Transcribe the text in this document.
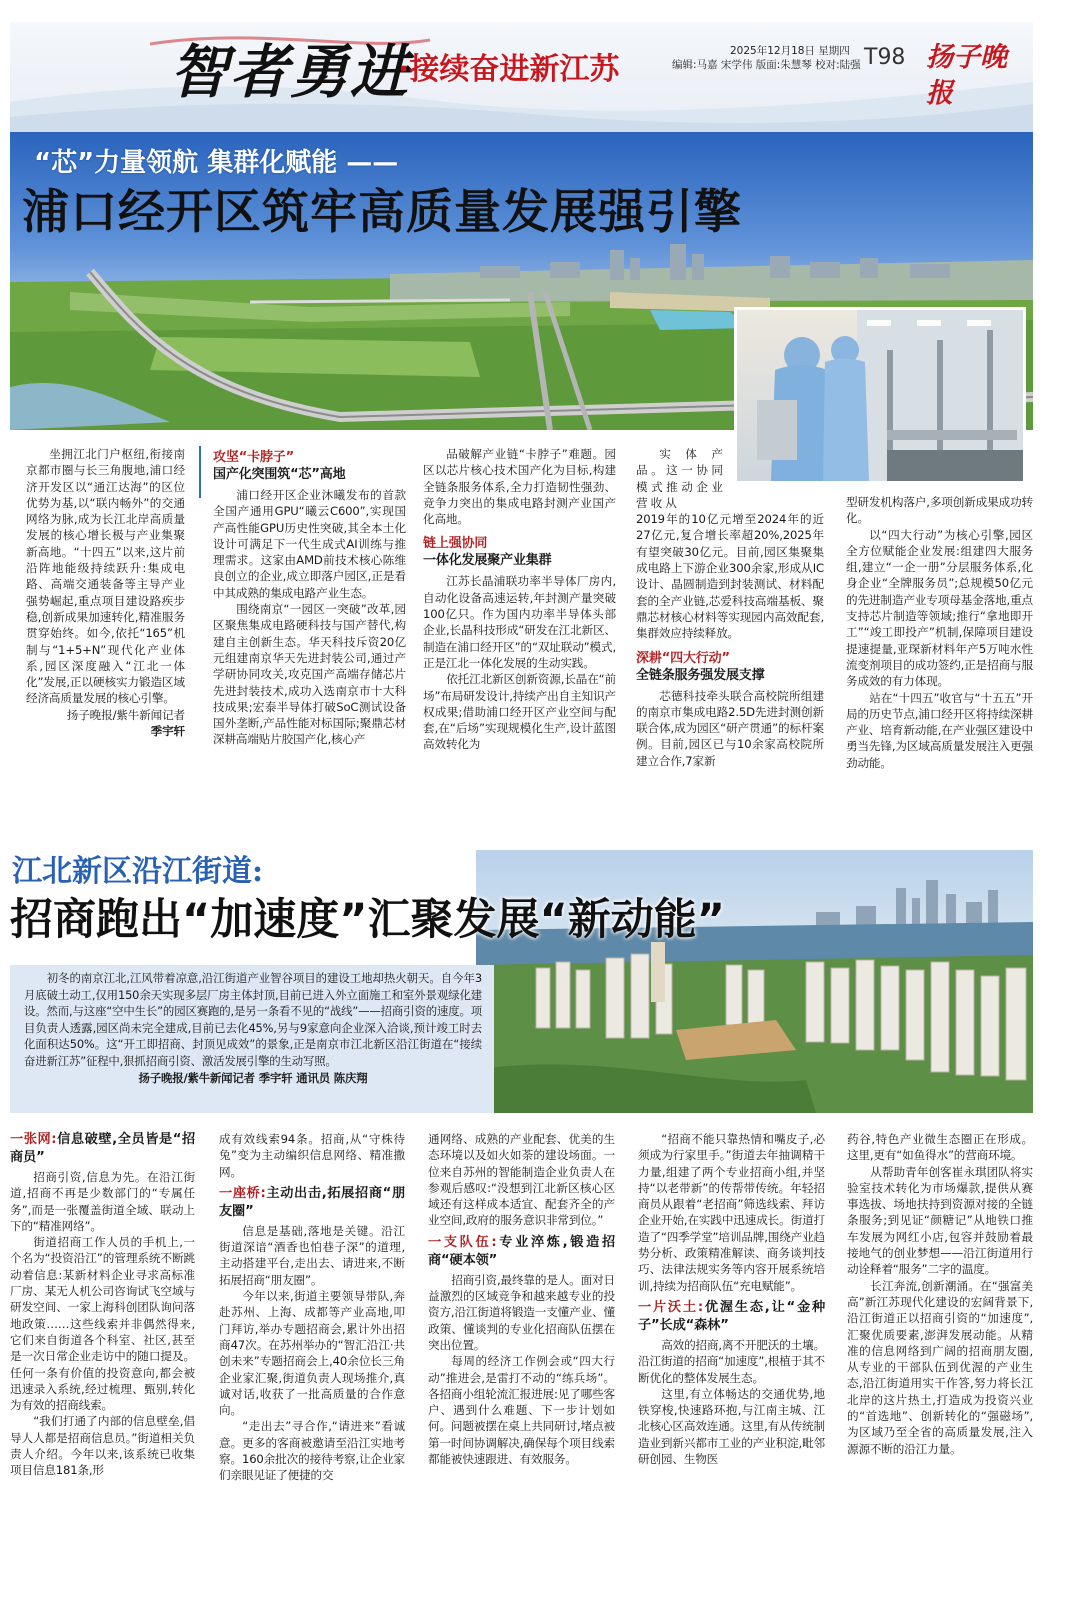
智者勇进
·接续奋进新江苏
2025年12月18日 星期四
编辑:马嘉 宋学伟 版面:朱慧琴 校对:陆强 T98 扬子晚报
“芯”力量领航 集群化赋能 ——
浦口经开区筑牢高质量发展强引擎

坐拥江北门户枢纽,衔接南京都市圈与长三角腹地,浦口经济开发区以“通江达海”的区位优势为基,以“联内畅外”的交通网络为脉,成为长江北岸高质量发展的核心增长极与产业集聚新高地。“十四五”以来,这片前沿阵地能级持续跃升:集成电路、高端交通装备等主导产业强势崛起,重点项目建设路疾步稳,创新成果加速转化,精准服务贯穿始终。如今,依托“165”机制与“1+5+N”现代化产业体系,园区深度融入“江北一体化”发展,正以硬核实力锻造区域经济高质量发展的核心引擎。

扬子晚报/紫牛新闻记者

季宇轩

攻坚“卡脖子”
国产化突围筑“芯”高地

浦口经开区企业沐曦发布的首款全国产通用GPU“曦云C600”,实现国产高性能GPU历史性突破,其全本土化设计可满足下一代生成式AI训练与推理需求。这家由AMD前技术核心陈维良创立的企业,成立即落户园区,正是看中其成熟的集成电路产业生态。

围绕南京“一园区一突破”改革,园区聚焦集成电路硬科技与国产替代,构建自主创新生态。华天科技斥资20亿元组建南京华天先进封装公司,通过产学研协同攻关,攻克国产高端存储芯片先进封装技术,成功入选南京市十大科技成果;宏泰半导体打破SoC测试设备国外垄断,产品性能对标国际;聚鼎芯材深耕高端贴片胶国产化,核心产

品破解产业链“卡脖子”难题。园区以芯片核心技术国产化为目标,构建全链条服务体系,全力打造韧性强劲、竞争力突出的集成电路封测产业国产化高地。

链上强协同
一体化发展聚产业集群

江苏长晶浦联功率半导体厂房内,自动化设备高速运转,年封测产量突破100亿只。作为国内功率半导体头部企业,长晶科技形成“研发在江北新区、制造在浦口经开区”的“双址联动”模式,正是江北一体化发展的生动实践。

依托江北新区创新资源,长晶在“前场”布局研发设计,持续产出自主知识产权成果;借助浦口经开区产业空间与配套,在“后场”实现规模化生产,设计蓝图高效转化为

实体产品。这一协同模式推动企业营收从

2019年的10亿元增至2024年的近27亿元,复合增长率超20%,2025年有望突破30亿元。目前,园区集聚集成电路上下游企业300余家,形成从IC设计、晶圆制造到封装测试、材料配套的全产业链,芯爱科技高端基板、聚鼎芯材核心材料等实现园内高效配套,集群效应持续释放。

深耕“四大行动”
全链条服务强发展支撑

芯德科技牵头联合高校院所组建的南京市集成电路2.5D先进封测创新联合体,成为园区“研产贯通”的标杆案例。目前,园区已与10余家高校院所建立合作,7家新

型研发机构落户,多项创新成果成功转化。

以“四大行动”为核心引擎,园区全方位赋能企业发展:组建四大服务组,建立“一企一册”分层服务体系,化身企业“全牌服务员”;总规模50亿元的先进制造产业专项母基金落地,重点支持芯片制造等领域;推行“拿地即开工”“竣工即投产”机制,保障项目建设提速提量,亚琛新材料年产5万吨水性流变剂项目的成功签约,正是招商与服务成效的有力体现。

站在“十四五”收官与“十五五”开局的历史节点,浦口经开区将持续深耕产业、培育新动能,在产业强区建设中勇当先锋,为区域高质量发展注入更强劲动能。

江北新区沿江街道:
招商跑出“加速度”汇聚发展“新动能”

初冬的南京江北,江风带着凉意,沿江街道产业智谷项目的建设工地却热火朝天。自今年3月底破土动工,仅用150余天实现多层厂房主体封顶,目前已进入外立面施工和室外景观绿化建设。然而,与这座“空中生长”的园区赛跑的,是另一条看不见的“战线”——招商引资的速度。项目负责人透露,园区尚未完全建成,目前已去化45%,另与9家意向企业深入洽谈,预计竣工时去化面积达50%。这“开工即招商、封顶见成效”的景象,正是南京市江北新区沿江街道在“接续奋进新江苏”征程中,狠抓招商引资、激活发展引擎的生动写照。

扬子晚报/紫牛新闻记者 季宇轩 通讯员 陈庆翔

一张网:信息破壁,全员皆是“招商员”

招商引资,信息为先。在沿江街道,招商不再是少数部门的“专属任务”,而是一张覆盖街道全域、联动上下的“精准网络”。

街道招商工作人员的手机上,一个名为“投资沿江”的管理系统不断跳动着信息:某新材料企业寻求高标准厂房、某无人机公司咨询试飞空域与研发空间、一家上海科创团队询问落地政策……这些线索并非偶然得来,它们来自街道各个科室、社区,甚至是一次日常企业走访中的随口提及。任何一条有价值的投资意向,都会被迅速录入系统,经过梳理、甄别,转化为有效的招商线索。

“我们打通了内部的信息壁垒,倡导人人都是招商信息员。”街道相关负责人介绍。今年以来,该系统已收集项目信息181条,形

成有效线索94条。招商,从“守株待兔”变为主动编织信息网络、精准撒网。

一座桥:主动出击,拓展招商“朋友圈”

信息是基础,落地是关键。沿江街道深谙“酒香也怕巷子深”的道理,主动搭建平台,走出去、请进来,不断拓展招商“朋友圈”。

今年以来,街道主要领导带队,奔赴苏州、上海、成都等产业高地,叩门拜访,举办专题招商会,累计外出招商47次。在苏州举办的“智汇沿江·共创未来”专题招商会上,40余位长三角企业家汇聚,街道负责人现场推介,真诚对话,收获了一批高质量的合作意向。

“走出去”寻合作,“请进来”看诚意。更多的客商被邀请至沿江实地考察。160余批次的接待考察,让企业家们亲眼见证了便捷的交

通网络、成熟的产业配套、优美的生态环境以及如火如荼的建设场面。一位来自苏州的智能制造企业负责人在参观后感叹:“没想到江北新区核心区域还有这样成本适宜、配套齐全的产业空间,政府的服务意识非常到位。”

一支队伍:专业淬炼,锻造招商“硬本领”

招商引资,最终靠的是人。面对日益激烈的区域竞争和越来越专业的投资方,沿江街道将锻造一支懂产业、懂政策、懂谈判的专业化招商队伍摆在突出位置。

每周的经济工作例会或“四大行动”推进会,是雷打不动的“练兵场”。各招商小组轮流汇报进展:见了哪些客户、遇到什么难题、下一步计划如何。问题被摆在桌上共同研讨,堵点被第一时间协调解决,确保每个项目线索都能被快速跟进、有效服务。

“招商不能只靠热情和嘴皮子,必须成为行家里手。”街道去年抽调精干力量,组建了两个专业招商小组,并坚持“以老带新”的传帮带传统。年轻招商员从跟着“老招商”筛选线索、拜访企业开始,在实践中迅速成长。街道打造了“四季学堂”培训品牌,围绕产业趋势分析、政策精准解读、商务谈判技巧、法律法规实务等内容开展系统培训,持续为招商队伍“充电赋能”。

一片沃土:优渥生态,让“金种子”长成“森林”

高效的招商,离不开肥沃的土壤。沿江街道的招商“加速度”,根植于其不断优化的整体发展生态。

这里,有立体畅达的交通优势,地铁穿梭,快速路环抱,与江南主城、江北核心区高效连通。这里,有从传统制造业到新兴都市工业的产业积淀,毗邻研创园、生物医

药谷,特色产业微生态圈正在形成。这里,更有“如鱼得水”的营商环境。

从帮助青年创客崔永琪团队将实验室技术转化为市场爆款,提供从赛事选拔、场地扶持到资源对接的全链条服务;到见证“颜糖记”从地铁口推车发展为网红小店,包容并鼓励着最接地气的创业梦想——沿江街道用行动诠释着“服务”二字的温度。

长江奔流,创新潮涌。在“强富美高”新江苏现代化建设的宏阔背景下,沿江街道正以招商引资的“加速度”,汇聚优质要素,澎湃发展动能。从精准的信息网络到广阔的招商朋友圈,从专业的干部队伍到优渥的产业生态,沿江街道用实干作答,努力将长江北岸的这片热土,打造成为投资兴业的“首选地”、创新转化的“强磁场”,为区域乃至全省的高质量发展,注入源源不断的沿江力量。
